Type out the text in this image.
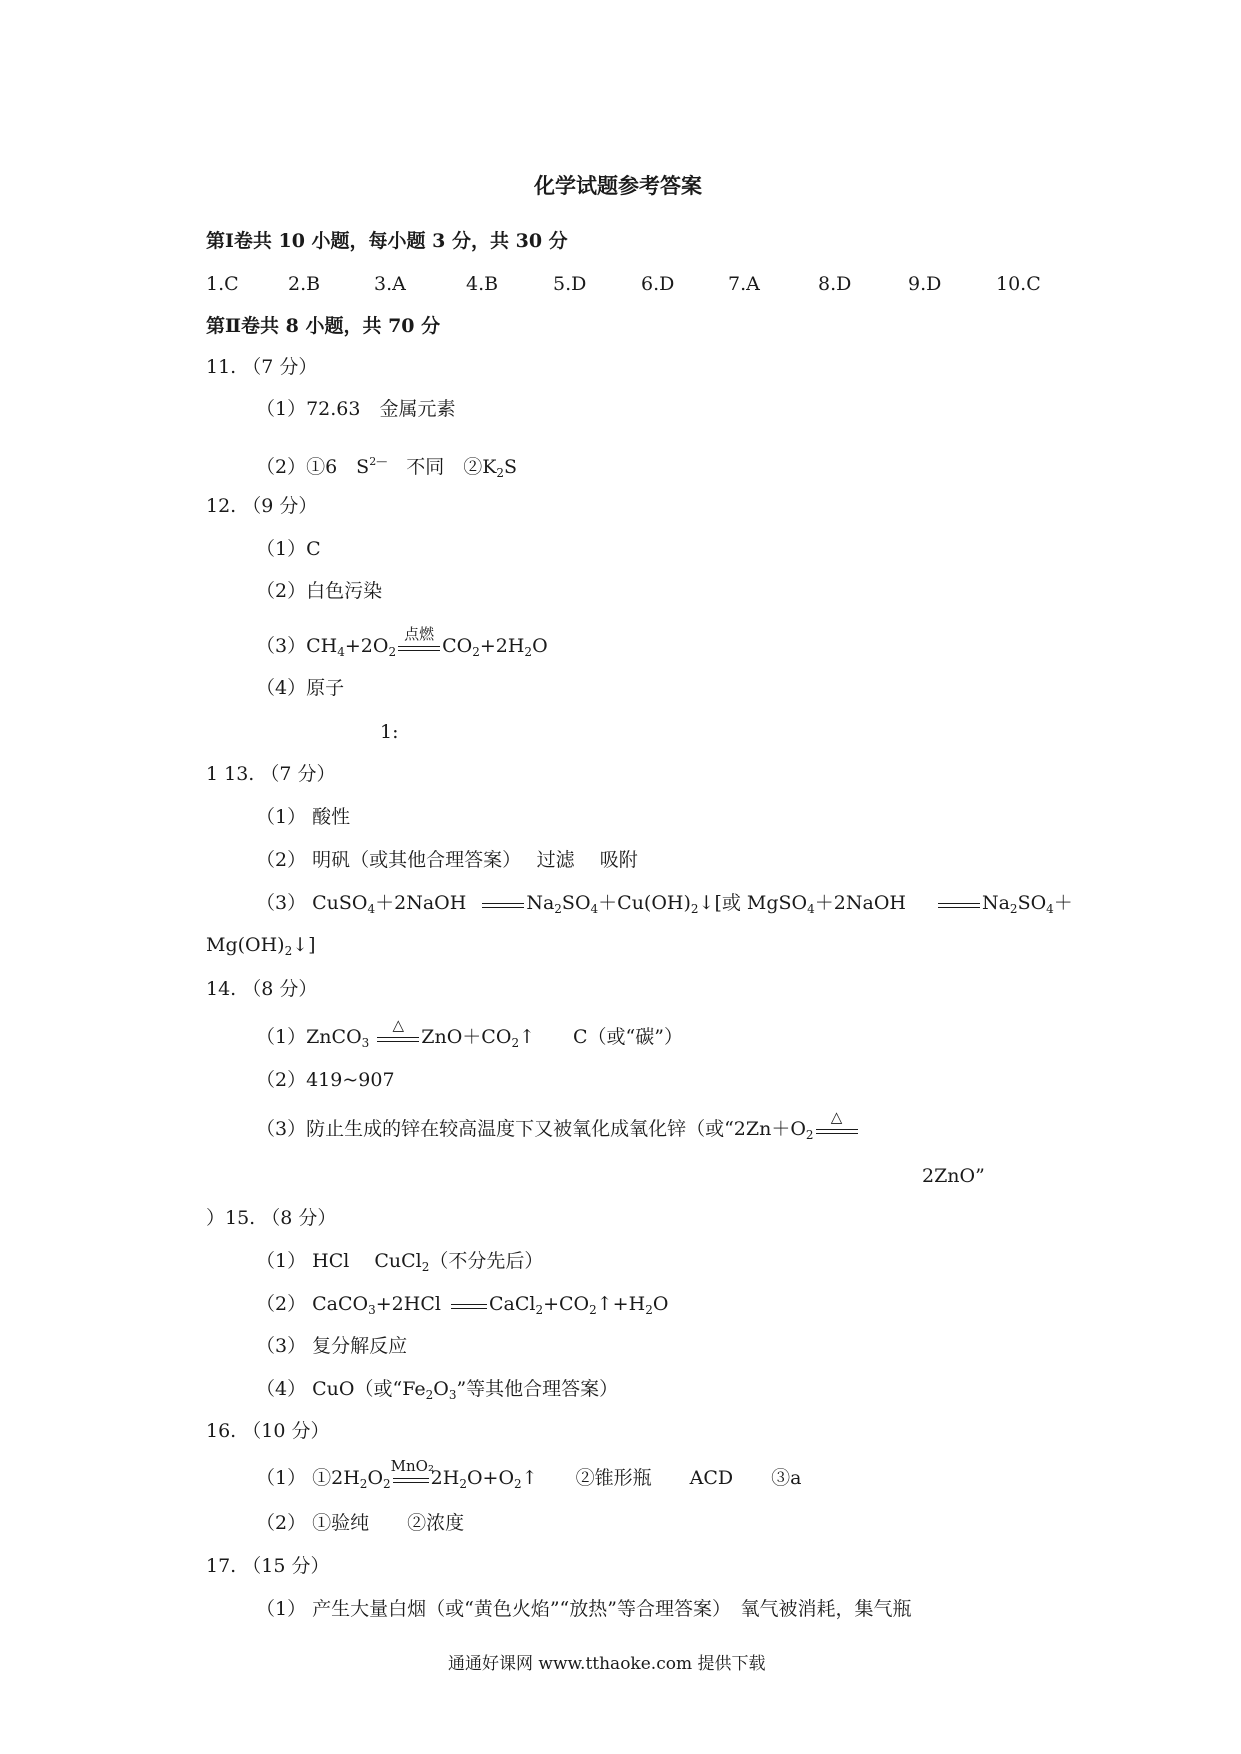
化学试题参考答案
第Ⅰ卷共 10 小题，每小题 3 分，共 30 分
1.C	2.B	3.A	4.B	5.D	6.D	7.A	8.D	9.D	10.C
第Ⅱ卷共 8 小题，共 70 分
11. （7 分）
（1）72.63　金属元素
（2）①6　$S^{2—}$　不同　$②K_2S$
12. （9 分）
（1）C
（2）白色污染
$(3)CH_4+2O_2$
点燃
$CO_2+2H_2O$
（4）原子
1:
1 13. （7 分）
（1） 酸性
（2） 明矾（或其他合理答案）　 过滤　 吸附
（3） CuSO$_4$＋2NaOH	$Na_2SO_4+Cu(OH)_2↓$[或 MgSO$_4$＋2NaOH	$Na_2SO_4+$
$Mg(OH)_2↓$]
14. （8 分）
（1）ZnCO$_3$
△
$ZnO+CO_2↑$　　C（或“碳”）
（2）419~907
（3）防止生成的锌在较高温度下又被氧化成氧化锌（或“$2Zn+O_2$
△
2ZnO”
）15. （8 分）
（1） HCl　 CuCl$_2$（不分先后）
（2） CaCO$_3$+2HCl	$CaCl_2+CO_2↑+H_2O$
（3） 复分解反应
（4） CuO（或“$Fe_2O_3$”等其他合理答案）
16. （10 分）
（1） $①2H_2O_2$
MnO₂
$2H_2O+O_2↑$　　②锥形瓶　　ACD　　③a
（2） ①验纯　　②浓度
17. （15 分）
（1） 产生大量白烟（或“黄色火焰”“放热”等合理答案）　氧气被消耗，集气瓶
通通好课网 www.tthaoke.com 提供下载
